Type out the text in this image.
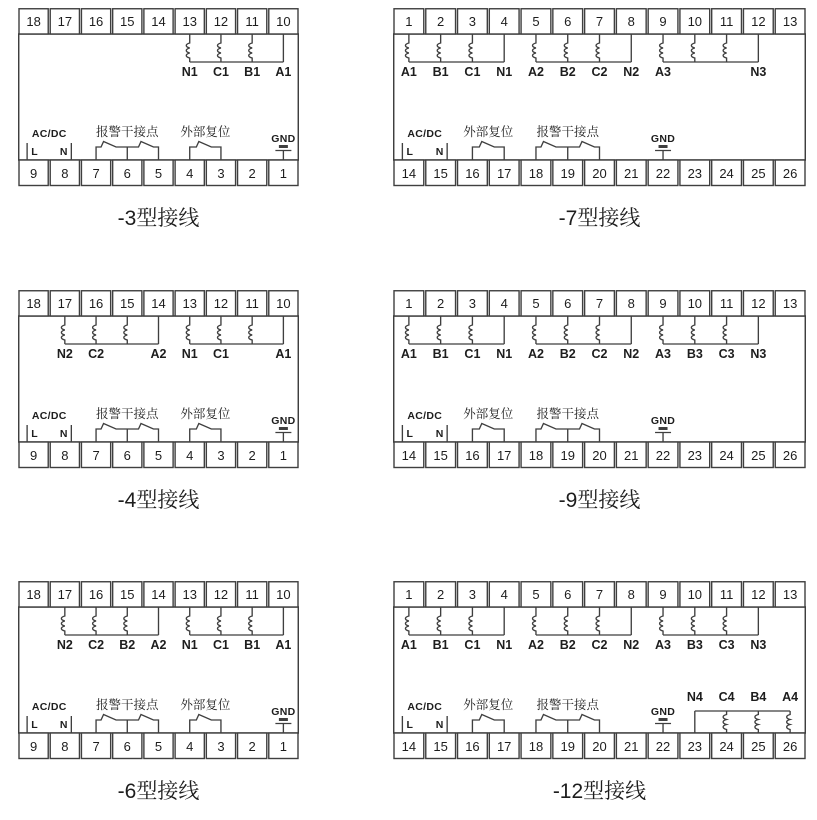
18 17 16 15 14 13 12 11 10
9 8 7 6 5 4 3 2 1
N1 C1 B1 A1
AC/DC
L N
报警干接点 外部复位	GND
-3型接线
1 2 3 4 5 6 7 8 9 10 11 12 13
14 15 16 17 18 19 20 21 22 23 24 25 26
A1 B1 C1 N1 A2 B2 C2 N2 A3	N3
AC/DC
L N
报警干接点
外部复位	GND
-7型接线
18 17 16 15 14 13 12 11 10
9 8 7 6 5 4 3 2 1
N2 C2	A2 N1 C1	A1
AC/DC
L N
报警干接点 外部复位	GND
-4型接线
1 2 3 4 5 6 7 8 9 10 11 12 13
14 15 16 17 18 19 20 21 22 23 24 25 26
A1 B1 C1 N1 A2 B2 C2 N2 A3 B3 C3 N3
AC/DC
L N
报警干接点
外部复位	GND
-9型接线
18 17 16 15 14 13 12 11 10
9 8 7 6 5 4 3 2 1
N2 C2 B2 A2 N1 C1 B1 A1
AC/DC
L N
报警干接点 外部复位	GND
-6型接线
1 2 3 4 5 6 7 8 9 10 11 12 13
14 15 16 17 18 19 20 21 22 23 24 25 26
A1 B1 C1 N1 A2 B2 C2 N2 A3 B3 C3 N3
N4 C4 B4 A4
AC/DC
L N
报警干接点
外部复位	GND
-12型接线
